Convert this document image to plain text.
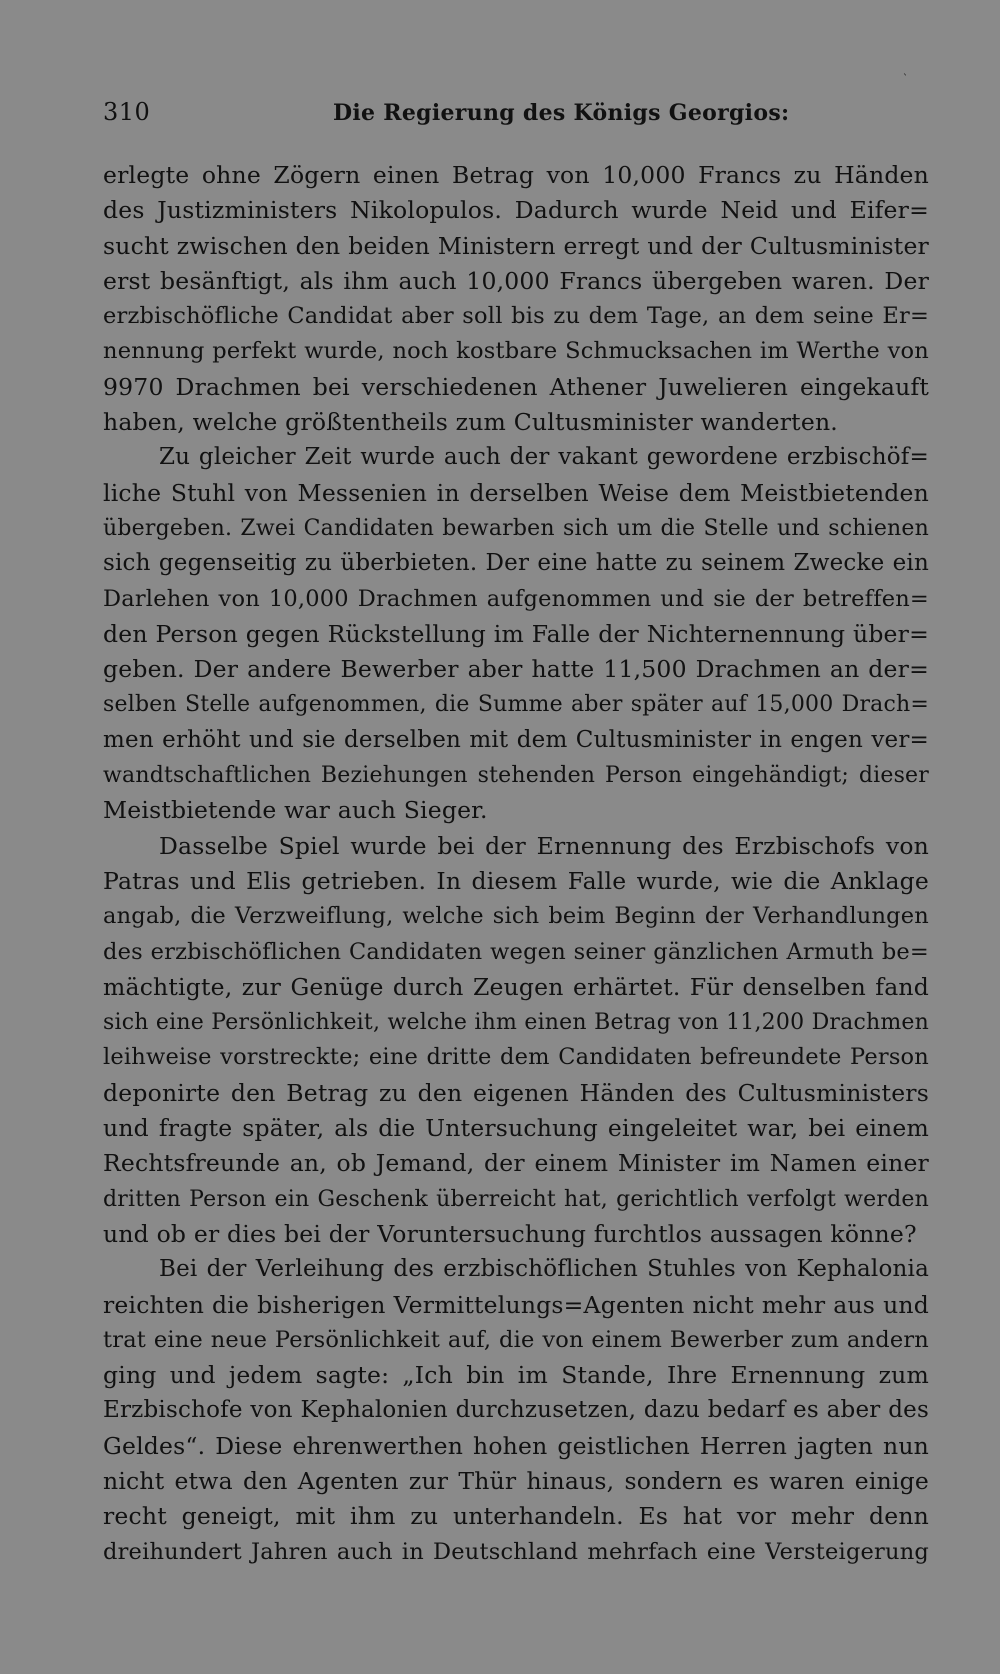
310	Die Regierung des Königs Georgios:
`
erlegte ohne Zögern einen Betrag von 10,000 Francs zu Händen
des Justizministers Nikolopulos. Dadurch wurde Neid und Eifer=
sucht zwischen den beiden Ministern erregt und der Cultusminister
erst besänftigt, als ihm auch 10,000 Francs übergeben waren. Der
erzbischöfliche Candidat aber soll bis zu dem Tage, an dem seine Er=
nennung perfekt wurde, noch kostbare Schmucksachen im Werthe von
9970 Drachmen bei verschiedenen Athener Juwelieren eingekauft
haben, welche größtentheils zum Cultusminister wanderten.
Zu gleicher Zeit wurde auch der vakant gewordene erzbischöf=
liche Stuhl von Messenien in derselben Weise dem Meistbietenden
übergeben. Zwei Candidaten bewarben sich um die Stelle und schienen
sich gegenseitig zu überbieten. Der eine hatte zu seinem Zwecke ein
Darlehen von 10,000 Drachmen aufgenommen und sie der betreffen=
den Person gegen Rückstellung im Falle der Nichternennung über=
geben. Der andere Bewerber aber hatte 11,500 Drachmen an der=
selben Stelle aufgenommen, die Summe aber später auf 15,000 Drach=
men erhöht und sie derselben mit dem Cultusminister in engen ver=
wandtschaftlichen Beziehungen stehenden Person eingehändigt; dieser
Meistbietende war auch Sieger.
Dasselbe Spiel wurde bei der Ernennung des Erzbischofs von
Patras und Elis getrieben. In diesem Falle wurde, wie die Anklage
angab, die Verzweiflung, welche sich beim Beginn der Verhandlungen
des erzbischöflichen Candidaten wegen seiner gänzlichen Armuth be=
mächtigte, zur Genüge durch Zeugen erhärtet. Für denselben fand
sich eine Persönlichkeit, welche ihm einen Betrag von 11,200 Drachmen
leihweise vorstreckte; eine dritte dem Candidaten befreundete Person
deponirte den Betrag zu den eigenen Händen des Cultusministers
und fragte später, als die Untersuchung eingeleitet war, bei einem
Rechtsfreunde an, ob Jemand, der einem Minister im Namen einer
dritten Person ein Geschenk überreicht hat, gerichtlich verfolgt werden
und ob er dies bei der Voruntersuchung furchtlos aussagen könne?
Bei der Verleihung des erzbischöflichen Stuhles von Kephalonia
reichten die bisherigen Vermittelungs=Agenten nicht mehr aus und
trat eine neue Persönlichkeit auf, die von einem Bewerber zum andern
ging und jedem sagte: „Ich bin im Stande, Ihre Ernennung zum
Erzbischofe von Kephalonien durchzusetzen, dazu bedarf es aber des
Geldes“. Diese ehrenwerthen hohen geistlichen Herren jagten nun
nicht etwa den Agenten zur Thür hinaus, sondern es waren einige
recht geneigt, mit ihm zu unterhandeln. Es hat vor mehr denn
dreihundert Jahren auch in Deutschland mehrfach eine Versteigerung
